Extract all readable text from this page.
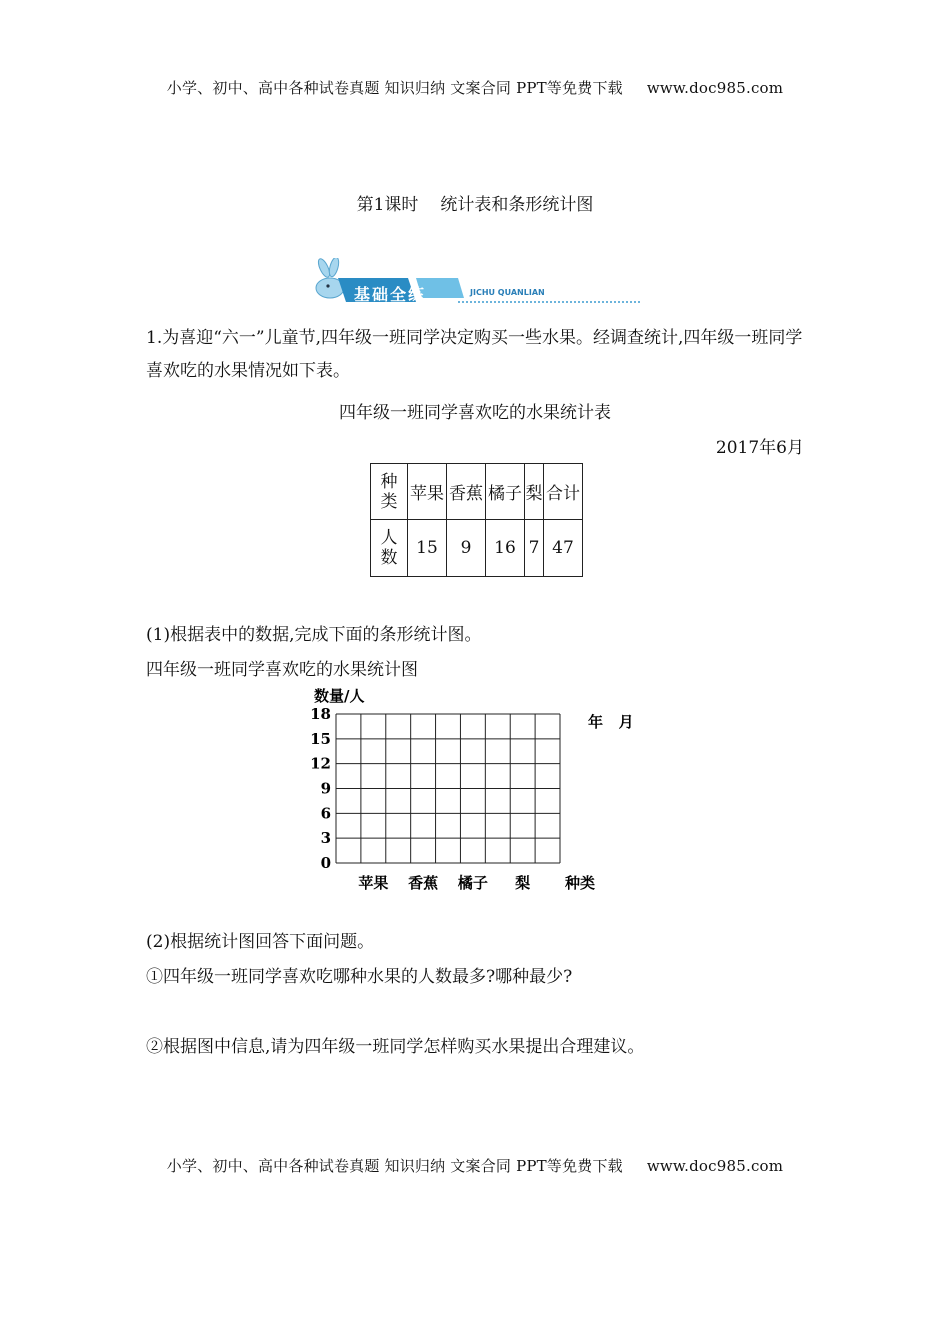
小学、初中、高中各种试卷真题 知识归纳 文案合同 PPT等免费下载 www.doc985.com
第1课时 统计表和条形统计图
基础全练	JICHU QUANLIAN
1.为喜迎“六一”儿童节,四年级一班同学决定购买一些水果。经调查统计,四年级一班同学喜欢吃的水果情况如下表。
四年级一班同学喜欢吃的水果统计表
2017年6月
种类	苹果	香蕉	橘子	梨	合计

人数	15	9	16	7	47
(1)根据表中的数据,完成下面的条形统计图。
四年级一班同学喜欢吃的水果统计图
数量/人
年   月
0
3
6
9
12
15
18
苹果 香蕉 橘子 梨 种类
(2)根据统计图回答下面问题。
①四年级一班同学喜欢吃哪种水果的人数最多?哪种最少?
②根据图中信息,请为四年级一班同学怎样购买水果提出合理建议。
小学、初中、高中各种试卷真题 知识归纳 文案合同 PPT等免费下载 www.doc985.com
